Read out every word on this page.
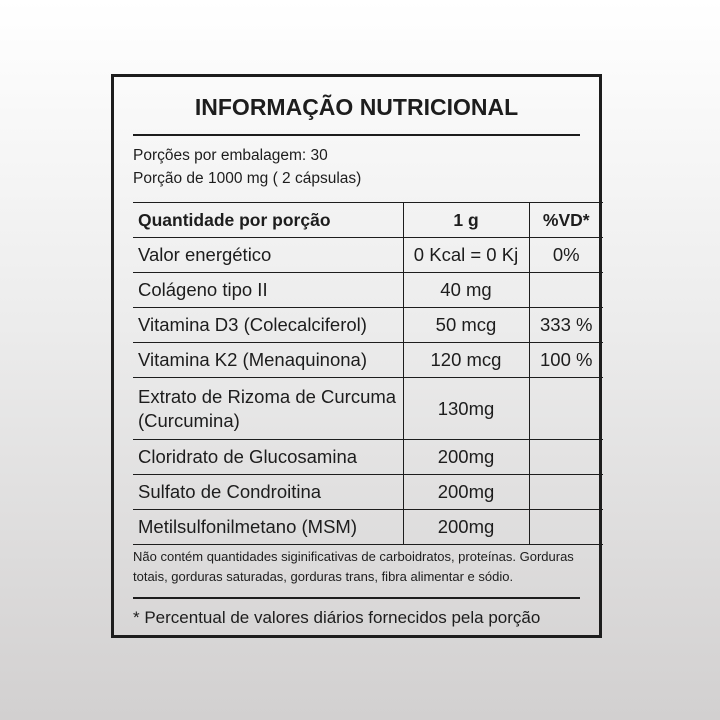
INFORMAÇÃO NUTRICIONAL
Porções por embalagem: 30
Porção de 1000 mg ( 2 cápsulas)
Quantidade por porção	1 g	%VD*
Valor energético	0 Kcal = 0 Kj	0%
Colágeno tipo II	40 mg	
Vitamina D3 (Colecalciferol)	50 mcg	333 %
Vitamina K2 (Menaquinona)	120 mcg	100 %
Extrato de Rizoma de Curcuma (Curcumina)	130mg	
Cloridrato de Glucosamina	200mg	
Sulfato de Condroitina	200mg	
Metilsulfonilmetano (MSM)	200mg	
Não contém quantidades siginificativas de carboidratos, proteínas. Gorduras totais, gorduras saturadas, gorduras trans, fibra alimentar e sódio.
* Percentual de valores diários fornecidos pela porção
